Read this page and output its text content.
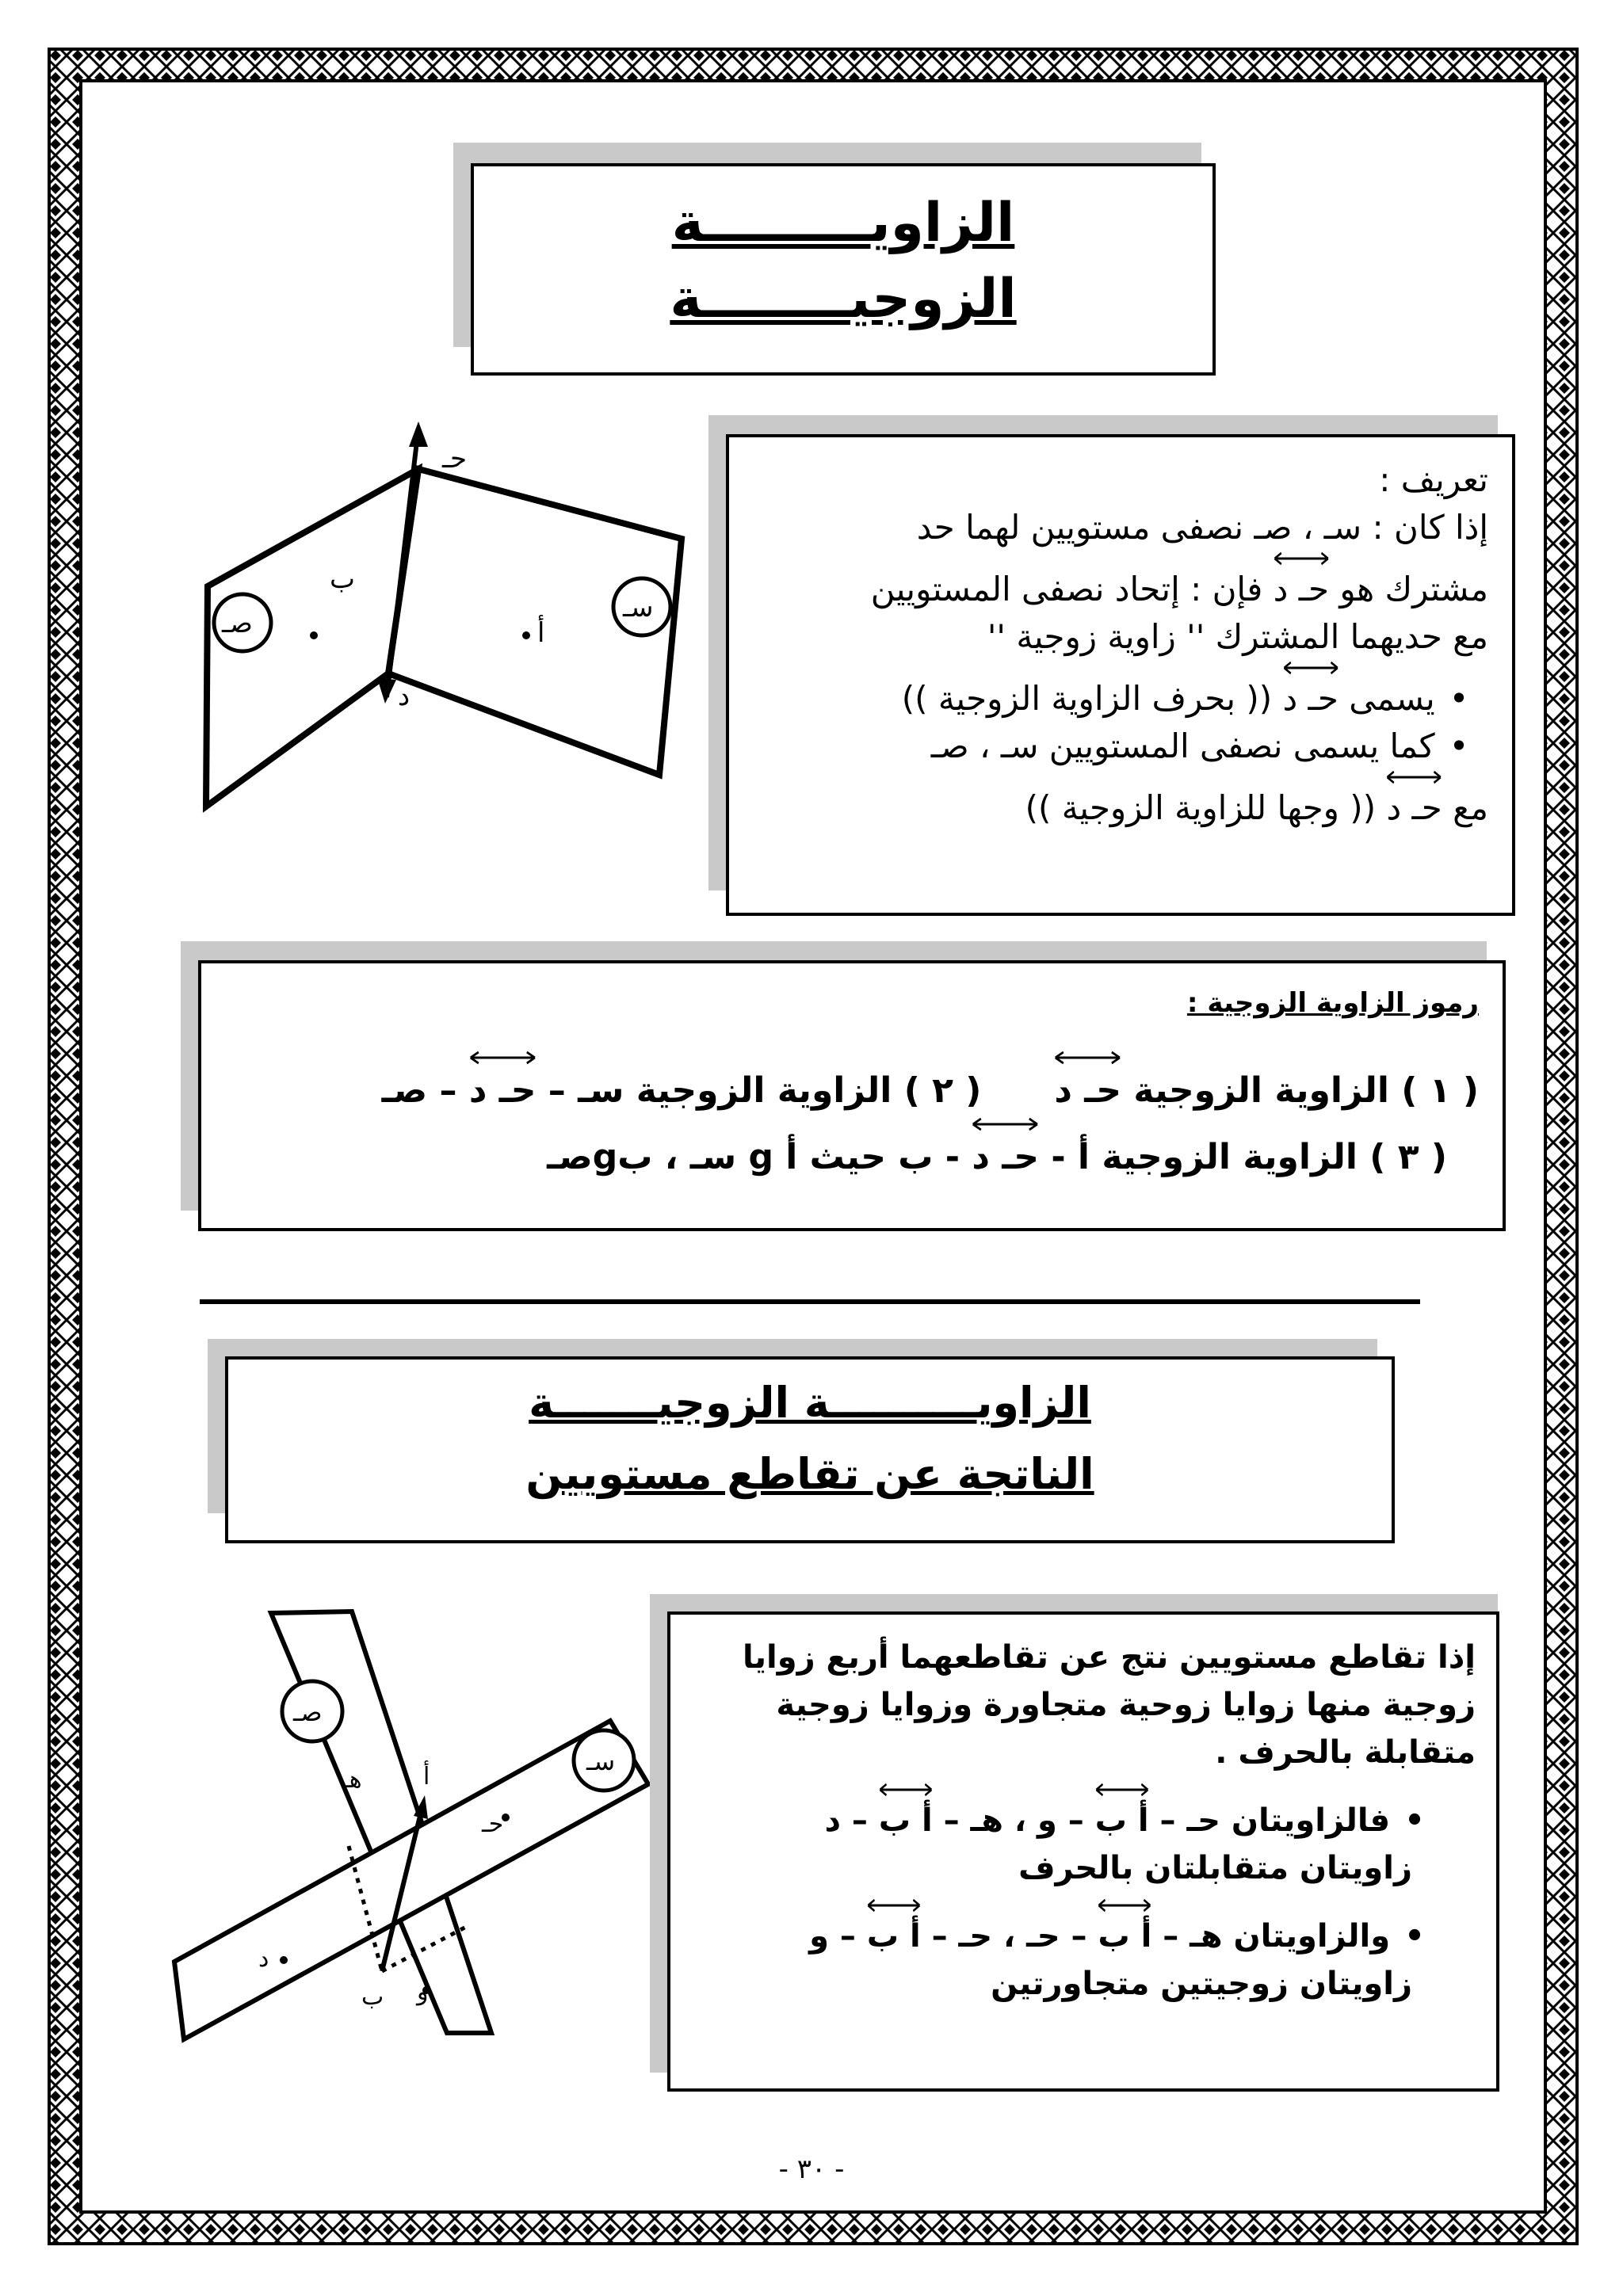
الزاويـــــــــة
الزوجيــــــــة
حـ
د
ب
أ
سـ
صـ
تعريف :
إذا كان : سـ ، صـ نصفى مستويين لهما حد
مشترك هو
حـ د فإن : إتحاد نصفى المستويين
مع حديهما المشترك '' زاوية زوجية ''
• يسمى
حـ د (( بحرف الزاوية الزوجية ))
• كما يسمى نصفى المستويين سـ ، صـ
مع
حـ د (( وجها للزاوية الزوجية ))
رموز الزاوية الزوجية :
( ١ ) الزاوية الزوجية
حـ د      ( ٢ ) الزاوية الزوجية سـ –
حـ د – صـ
( ٣ ) الزاوية الزوجية أ -
حـ د - ب حيث أ g سـ ، بgصـ
الزاويــــــــــة الزوجيـــــــة
الناتجة عن تقاطع مستويين
صـ
سـ
هـ	أ
حـ
د
ب و
إذا تقاطع مستويين نتج عن تقاطعهما أربع زوايا
زوجية منها زوايا زوحية متجاورة وزوايا زوجية
متقابلة بالحرف .
• فالزاويتان حـ –
أ ب – و ، هـ –
أ ب – د
زاويتان متقابلتان بالحرف
• والزاويتان هـ –
أ ب – حـ ، حـ –
أ ب – و
زاويتان زوجيتين متجاورتين
- ٣٠ -
